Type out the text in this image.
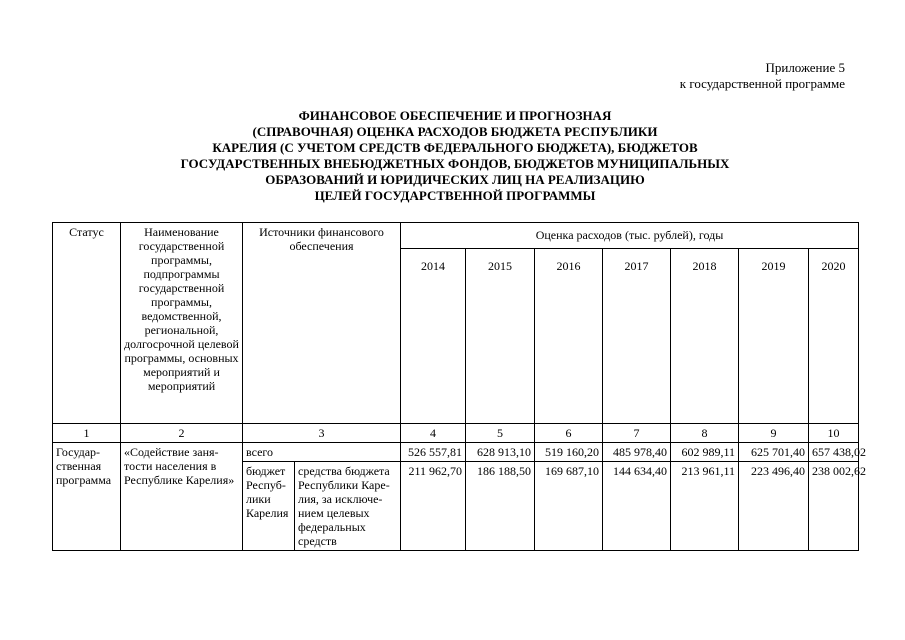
Приложение 5
к государственной программе
ФИНАНСОВОЕ ОБЕСПЕЧЕНИЕ И ПРОГНОЗНАЯ
(СПРАВОЧНАЯ) ОЦЕНКА РАСХОДОВ БЮДЖЕТА РЕСПУБЛИКИ
КАРЕЛИЯ (С УЧЕТОМ СРЕДСТВ ФЕДЕРАЛЬНОГО БЮДЖЕТА), БЮДЖЕТОВ
ГОСУДАРСТВЕННЫХ ВНЕБЮДЖЕТНЫХ ФОНДОВ, БЮДЖЕТОВ МУНИЦИПАЛЬНЫХ
ОБРАЗОВАНИЙ И ЮРИДИЧЕСКИХ ЛИЦ НА РЕАЛИЗАЦИЮ
ЦЕЛЕЙ ГОСУДАРСТВЕННОЙ ПРОГРАММЫ
Статус	Наименование государственной программы, подпрограммы государственной программы, ведомственной, региональной, долгосрочной целевой программы, основных мероприятий и мероприятий	Источники финансового обеспечения		Оценка расходов (тыс. рублей), годы						
				2014	2015	2016	2017	2018	2019	2020
1	2	3		4	5	6	7	8	9	10
Государ-ственная программа	«Содействие заня-тости населения в Республике Карелия»	всего		526 557,81	628 913,10	519 160,20	485 978,40	602 989,11	625 701,40	657 438,02
		бюджет Респуб-лики Карелия	средства бюджета Республики Каре-лия, за исключе-нием целевых федеральных средств	211 962,70	186 188,50	169 687,10	144 634,40	213 961,11	223 496,40	238 002,62
